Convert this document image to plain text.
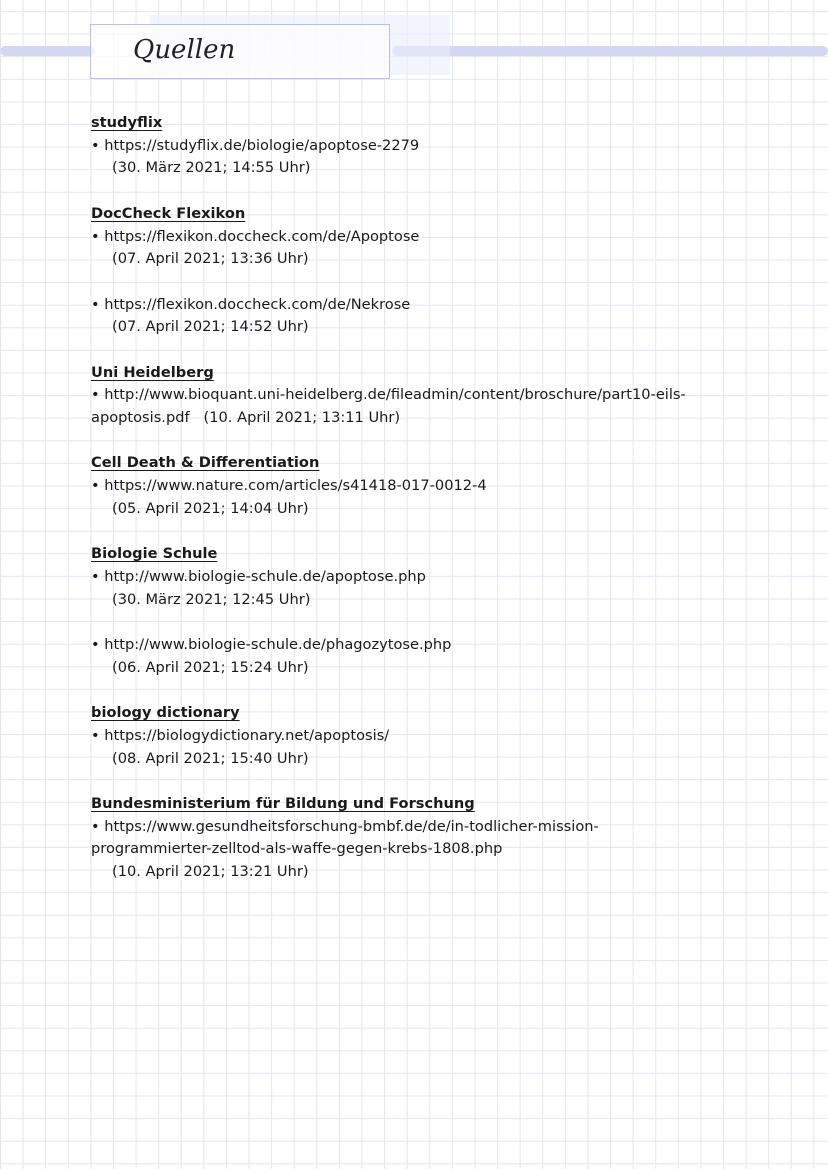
Quellen
studyflix
• https://studyflix.de/biologie/apoptose-2279
(30. März 2021; 14:55 Uhr)
DocCheck Flexikon
• https://flexikon.doccheck.com/de/Apoptose
(07. April 2021; 13:36 Uhr)
• https://flexikon.doccheck.com/de/Nekrose
(07. April 2021; 14:52 Uhr)
Uni Heidelberg
• http://www.bioquant.uni-heidelberg.de/fileadmin/content/broschure/part10-eils-
apoptosis.pdf (10. April 2021; 13:11 Uhr)
Cell Death & Differentiation
• https://www.nature.com/articles/s41418-017-0012-4
(05. April 2021; 14:04 Uhr)
Biologie Schule
• http://www.biologie-schule.de/apoptose.php
(30. März 2021; 12:45 Uhr)
• http://www.biologie-schule.de/phagozytose.php
(06. April 2021; 15:24 Uhr)
biology dictionary
• https://biologydictionary.net/apoptosis/
(08. April 2021; 15:40 Uhr)
Bundesministerium für Bildung und Forschung
• https://www.gesundheitsforschung-bmbf.de/de/in-todlicher-mission-
programmierter-zelltod-als-waffe-gegen-krebs-1808.php
(10. April 2021; 13:21 Uhr)
